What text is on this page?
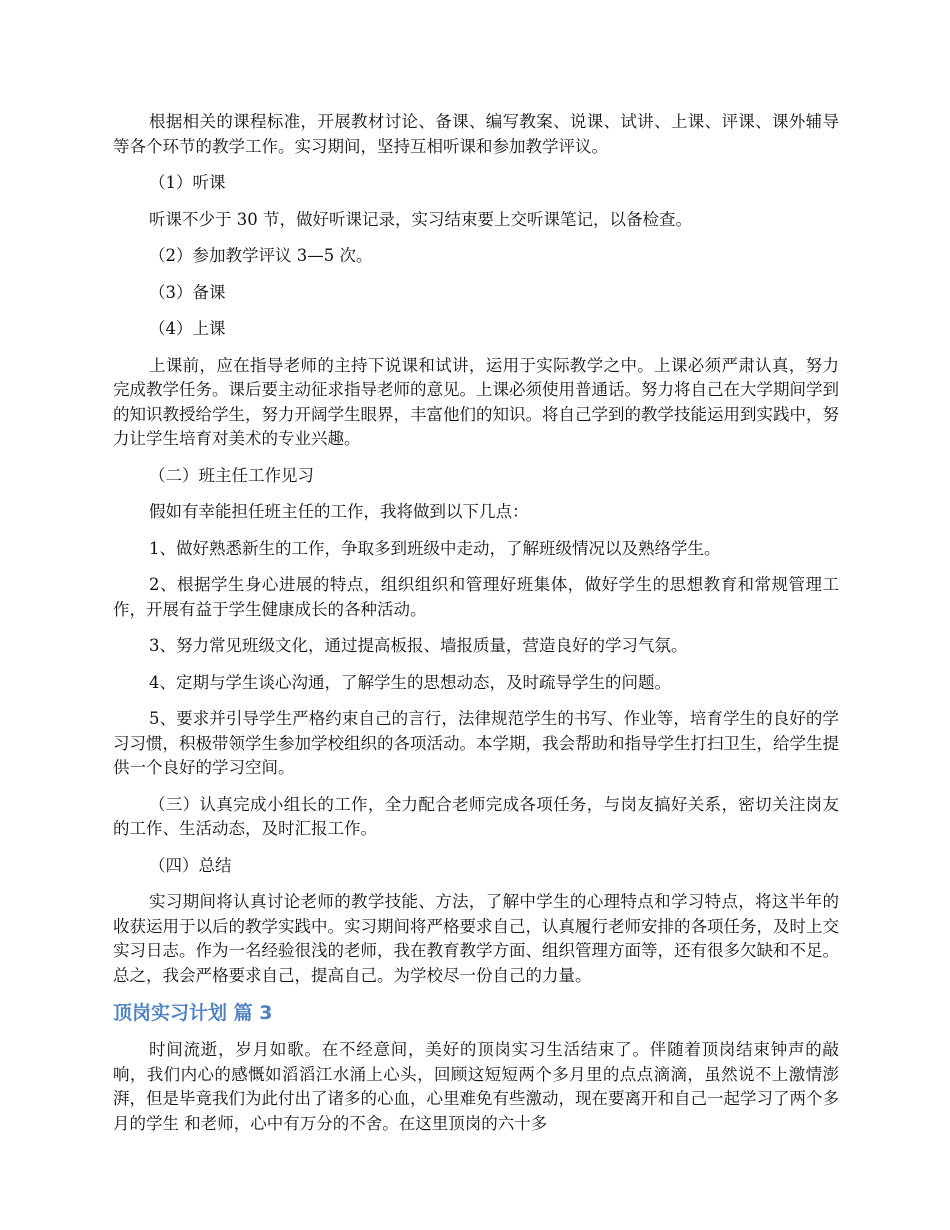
根据相关的课程标准，开展教材讨论、备课、编写教案、说课、试讲、上课、评课、课外辅导等各个环节的教学工作。实习期间，坚持互相听课和参加教学评议。

（1）听课

听课不少于 30 节，做好听课记录，实习结束要上交听课笔记，以备检查。

（2）参加教学评议 3—5 次。

（3）备课

（4）上课

上课前，应在指导老师的主持下说课和试讲，运用于实际教学之中。上课必须严肃认真，努力完成教学任务。课后要主动征求指导老师的意见。上课必须使用普通话。努力将自己在大学期间学到的知识教授给学生，努力开阔学生眼界，丰富他们的知识。将自己学到的教学技能运用到实践中，努力让学生培育对美术的专业兴趣。

（二）班主任工作见习

假如有幸能担任班主任的工作，我将做到以下几点：

1、做好熟悉新生的工作，争取多到班级中走动，了解班级情况以及熟络学生。

2、根据学生身心进展的特点，组织组织和管理好班集体，做好学生的思想教育和常规管理工作，开展有益于学生健康成长的各种活动。

3、努力常见班级文化，通过提高板报、墙报质量，营造良好的学习气氛。

4、定期与学生谈心沟通，了解学生的思想动态，及时疏导学生的问题。

5、要求并引导学生严格约束自己的言行，法律规范学生的书写、作业等，培育学生的良好的学习习惯，积极带领学生参加学校组织的各项活动。本学期，我会帮助和指导学生打扫卫生，给学生提供一个良好的学习空间。

（三）认真完成小组长的工作，全力配合老师完成各项任务，与岗友搞好关系，密切关注岗友的工作、生活动态，及时汇报工作。

（四）总结

实习期间将认真讨论老师的教学技能、方法，了解中学生的心理特点和学习特点，将这半年的收获运用于以后的教学实践中。实习期间将严格要求自己，认真履行老师安排的各项任务，及时上交实习日志。作为一名经验很浅的老师，我在教育教学方面、组织管理方面等，还有很多欠缺和不足。总之，我会严格要求自己，提高自己。为学校尽一份自己的力量。

顶岗实习计划 篇 3

时间流逝，岁月如歌。在不经意间，美好的顶岗实习生活结束了。伴随着顶岗结束钟声的敲响，我们内心的感慨如滔滔江水涌上心头，回顾这短短两个多月里的点点滴滴，虽然说不上激情澎湃，但是毕竟我们为此付出了诸多的心血，心里难免有些激动，现在要离开和自己一起学习了两个多月的学生 和老师，心中有万分的不舍。在这里顶岗的六十多
